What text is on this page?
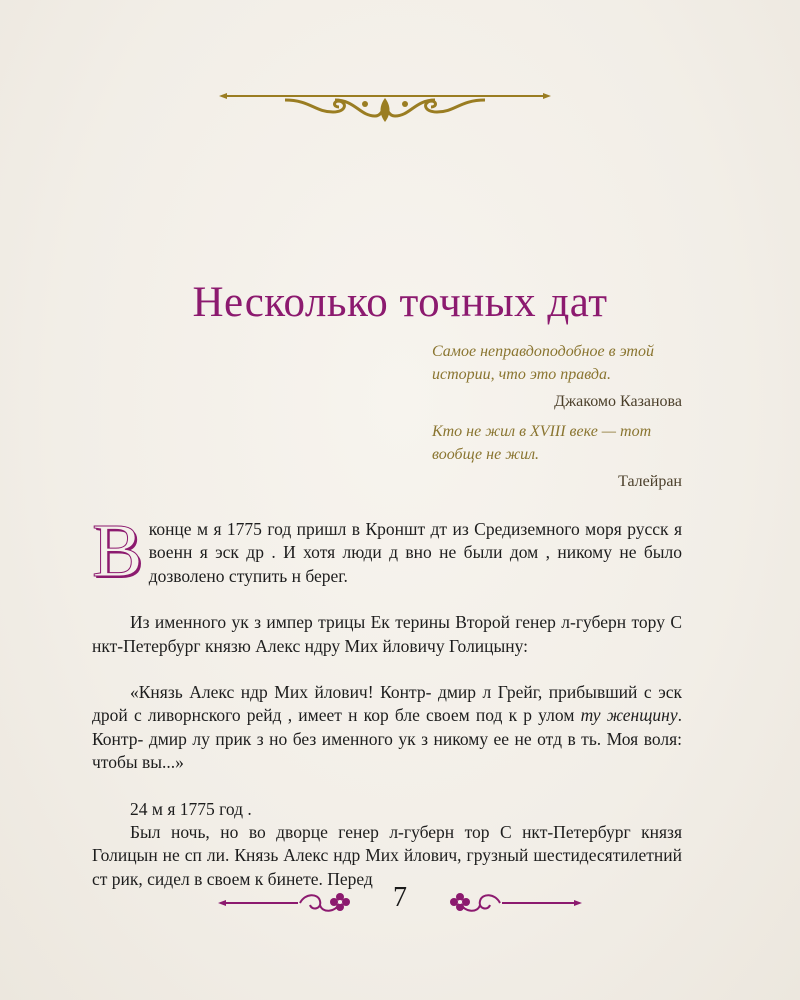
Несколько точных дат
Самое неправдоподобное в этой истории, что это правда.
Джакомо Казанова
Кто не жил в XVIII веке — тот вообще не жил.
Талейран

Вконце м я 1775 год пришл в Кроншт дт из Средиземного моря русск я военн я эск др . И хотя люди д вно не были дом , никому не было дозволено ступить н берег.

Из именного ук з импер трицы Ек терины Второй генер л-губерн тору С нкт-Петербург князю Алекс ндру Мих йловичу Голицыну:

«Князь Алекс ндр Мих йлович! Контр- дмир л Грейг, прибывший с эск дрой с ливорнского рейд , имеет н кор бле своем под к р улом ту женщину. Контр- дмир лу прик з но без именного ук з никому ее не отд в ть. Моя воля: чтобы вы...»

24 м я 1775 год .

Был ночь, но во дворце генер л-губерн тор С нкт-Петербург князя Голицын не сп ли. Князь Алекс ндр Мих йлович, грузный шестидесятилетний ст рик, сидел в своем к бинете. Перед

7
